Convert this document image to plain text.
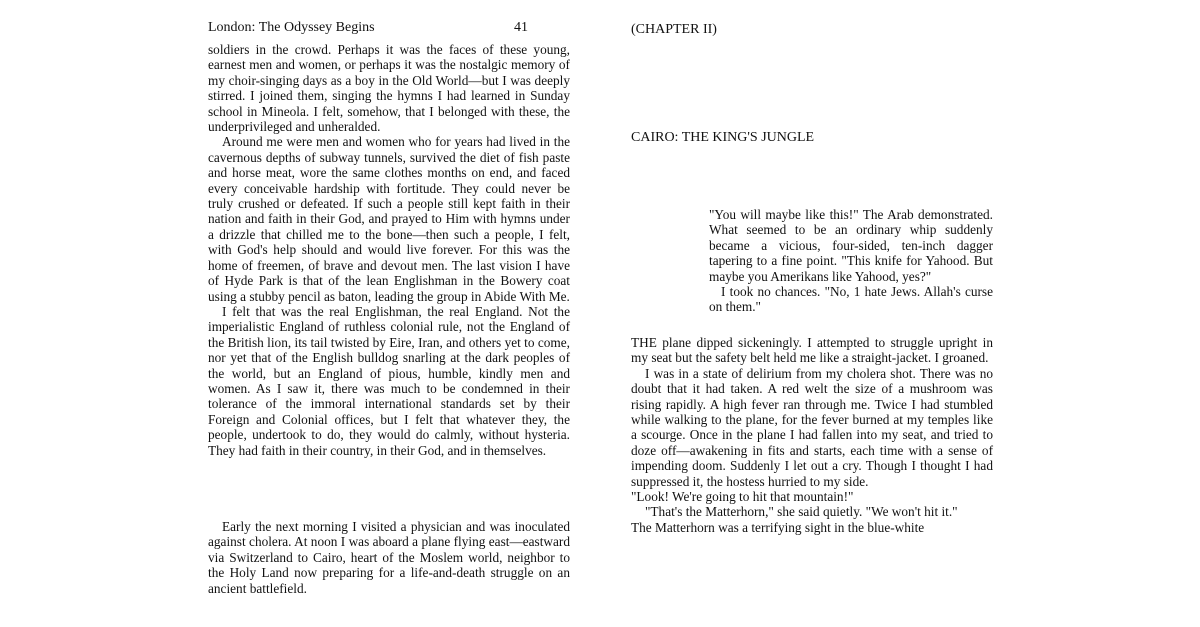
London: The Odyssey Begins	41

soldiers in the crowd. Perhaps it was the faces of these young, earnest men and women, or perhaps it was the nostalgic memory of my choir-singing days as a boy in the Old World—but I was deeply stirred. I joined them, singing the hymns I had learned in Sunday school in Mineola. I felt, somehow, that I belonged with these, the underprivileged and unheralded.

Around me were men and women who for years had lived in the cavernous depths of subway tunnels, survived the diet of fish paste and horse meat, wore the same clothes months on end, and faced every conceivable hardship with fortitude. They could never be truly crushed or defeated. If such a people still kept faith in their nation and faith in their God, and prayed to Him with hymns under a drizzle that chilled me to the bone—then such a people, I felt, with God's help should and would live forever. For this was the home of freemen, of brave and devout men. The last vision I have of Hyde Park is that of the lean Englishman in the Bowery coat using a stubby pencil as baton, leading the group in Abide With Me.

I felt that was the real Englishman, the real England. Not the imperialistic England of ruthless colonial rule, not the England of the British lion, its tail twisted by Eire, Iran, and others yet to come, nor yet that of the English bulldog snarling at the dark peoples of the world, but an England of pious, humble, kindly men and women. As I saw it, there was much to be condemned in their tolerance of the immoral international standards set by their Foreign and Colonial offices, but I felt that whatever they, the people, undertook to do, they would do calmly, without hysteria. They had faith in their country, in their God, and in themselves.

Early the next morning I visited a physician and was inoculated against cholera. At noon I was aboard a plane flying east—eastward via Switzerland to Cairo, heart of the Moslem world, neighbor to the Holy Land now preparing for a life-and-death struggle on an ancient battlefield.

(CHAPTER II)
CAIRO: THE KING'S JUNGLE

"You will maybe like this!" The Arab demonstrated. What seemed to be an ordinary whip suddenly became a vicious, four-sided, ten-inch dagger tapering to a fine point. "This knife for Yahood. But maybe you Amerikans like Yahood, yes?"

I took no chances. "No, 1 hate Jews. Allah's curse on them."

THE plane dipped sickeningly. I attempted to struggle upright in my seat but the safety belt held me like a straight-jacket. I groaned.

I was in a state of delirium from my cholera shot. There was no doubt that it had taken. A red welt the size of a mushroom was rising rapidly. A high fever ran through me. Twice I had stumbled while walking to the plane, for the fever burned at my temples like a scourge. Once in the plane I had fallen into my seat, and tried to doze off—awakening in fits and starts, each time with a sense of impending doom. Suddenly I let out a cry. Though I thought I had suppressed it, the hostess hurried to my side.

"Look! We're going to hit that mountain!"

"That's the Matterhorn," she said quietly. "We won't hit it."

The Matterhorn was a terrifying sight in the blue-white
